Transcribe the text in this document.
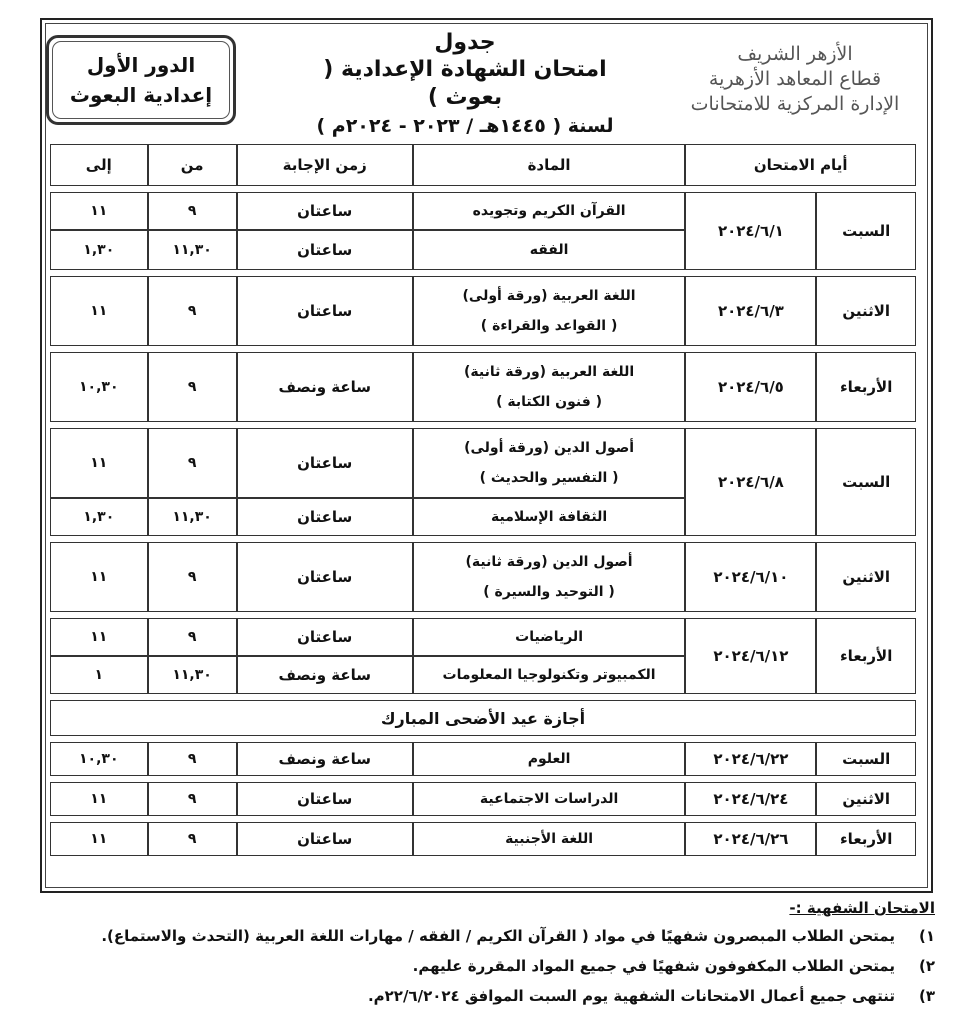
الأزهر الشريف
قطاع المعاهد الأزهرية
الإدارة المركزية للامتحانات
جدول
امتحان الشهادة الإعدادية ( بعوث )
لسنة ( ١٤٤٥هـ / ٢٠٢٣ - ٢٠٢٤م )
الدور الأول
إعدادية البعوث
أيام الامتحان		المادة	زمن الإجابة	من	إلى

السبت	٢٠٢٤/٦/١	القرآن الكريم وتجويده	ساعتان	٩	١١
		الفقه	ساعتان	١١,٣٠	١,٣٠

الاثنين	٢٠٢٤/٦/٣	اللغة العربية (ورقة أولى)
( القواعد والقراءة )	ساعتان	٩	١١

الأربعاء	٢٠٢٤/٦/٥	اللغة العربية (ورقة ثانية)
( فنون الكتابة )	ساعة ونصف	٩	١٠,٣٠

السبت	٢٠٢٤/٦/٨	أصول الدين (ورقة أولى)
( التفسير والحديث )	ساعتان	٩	١١
		الثقافة الإسلامية	ساعتان	١١,٣٠	١,٣٠

الاثنين	٢٠٢٤/٦/١٠	أصول الدين (ورقة ثانية)
( التوحيد والسيرة )	ساعتان	٩	١١

الأربعاء	٢٠٢٤/٦/١٢	الرياضيات	ساعتان	٩	١١
		الكمبيوتر وتكنولوجيا المعلومات	ساعة ونصف	١١,٣٠	١

أجازة عيد الأضحى المبارك					

السبت	٢٠٢٤/٦/٢٢	العلوم	ساعة ونصف	٩	١٠,٣٠

الاثنين	٢٠٢٤/٦/٢٤	الدراسات الاجتماعية	ساعتان	٩	١١

الأربعاء	٢٠٢٤/٦/٢٦	اللغة الأجنبية	ساعتان	٩	١١
الامتحان الشفهية :-
١)
يمتحن الطلاب المبصرون شفهيًا في مواد ( القرآن الكريم / الفقه / مهارات اللغة العربية (التحدث والاستماع).
٢)
يمتحن الطلاب المكفوفون شفهيًا في جميع المواد المقررة عليهم.
٣)
تنتهى جميع أعمال الامتحانات الشفهية يوم السبت الموافق ٢٢/٦/٢٠٢٤م.
